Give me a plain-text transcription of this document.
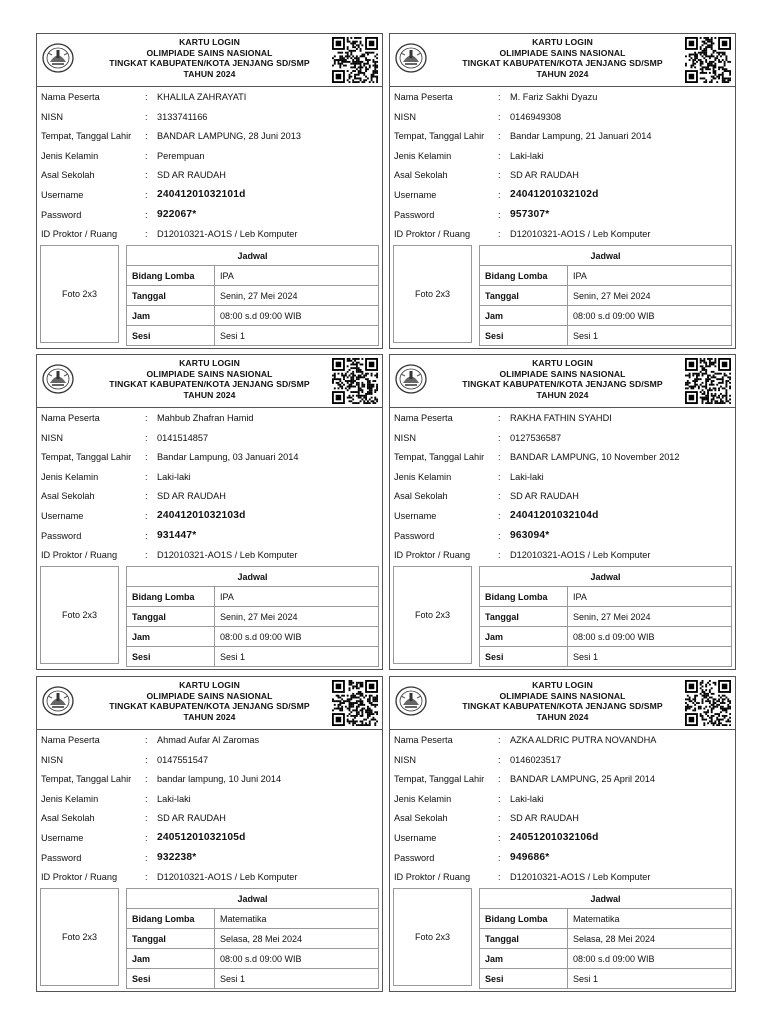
KARTU LOGIN
OLIMPIADE SAINS NASIONAL
TINGKAT KABUPATEN/KOTA JENJANG SD/SMP
TAHUN 2024
Nama Peserta	: KHALILA ZAHRAYATI
NISN	: 3133741166
Tempat, Tanggal Lahir : BANDAR LAMPUNG, 28 Juni 2013
Jenis Kelamin	: Perempuan
Asal Sekolah	: SD AR RAUDAH
Username	: 24041201032101d
Password	: 922067*
ID Proktor / Ruang	: D12010321-AO1S / Leb Komputer
Foto 2x3
Jadwal	
Bidang Lomba	IPA
Tanggal	Senin, 27 Mei 2024
Jam	08:00 s.d 09:00 WIB
Sesi	Sesi 1
KARTU LOGIN
OLIMPIADE SAINS NASIONAL
TINGKAT KABUPATEN/KOTA JENJANG SD/SMP
TAHUN 2024
Nama Peserta	: M. Fariz Sakhi Dyazu
NISN	: 0146949308
Tempat, Tanggal Lahir : Bandar Lampung, 21 Januari 2014
Jenis Kelamin	: Laki-laki
Asal Sekolah	: SD AR RAUDAH
Username	: 24041201032102d
Password	: 957307*
ID Proktor / Ruang	: D12010321-AO1S / Leb Komputer
Foto 2x3
Jadwal	
Bidang Lomba	IPA
Tanggal	Senin, 27 Mei 2024
Jam	08:00 s.d 09:00 WIB
Sesi	Sesi 1
KARTU LOGIN
OLIMPIADE SAINS NASIONAL
TINGKAT KABUPATEN/KOTA JENJANG SD/SMP
TAHUN 2024
Nama Peserta	: Mahbub Zhafran Hamid
NISN	: 0141514857
Tempat, Tanggal Lahir : Bandar Lampung, 03 Januari 2014
Jenis Kelamin	: Laki-laki
Asal Sekolah	: SD AR RAUDAH
Username	: 24041201032103d
Password	: 931447*
ID Proktor / Ruang	: D12010321-AO1S / Leb Komputer
Foto 2x3
Jadwal	
Bidang Lomba	IPA
Tanggal	Senin, 27 Mei 2024
Jam	08:00 s.d 09:00 WIB
Sesi	Sesi 1
KARTU LOGIN
OLIMPIADE SAINS NASIONAL
TINGKAT KABUPATEN/KOTA JENJANG SD/SMP
TAHUN 2024
Nama Peserta	: RAKHA FATHIN SYAHDI
NISN	: 0127536587
Tempat, Tanggal Lahir : BANDAR LAMPUNG, 10 November 2012
Jenis Kelamin	: Laki-laki
Asal Sekolah	: SD AR RAUDAH
Username	: 24041201032104d
Password	: 963094*
ID Proktor / Ruang	: D12010321-AO1S / Leb Komputer
Foto 2x3
Jadwal	
Bidang Lomba	IPA
Tanggal	Senin, 27 Mei 2024
Jam	08:00 s.d 09:00 WIB
Sesi	Sesi 1
KARTU LOGIN
OLIMPIADE SAINS NASIONAL
TINGKAT KABUPATEN/KOTA JENJANG SD/SMP
TAHUN 2024
Nama Peserta	: Ahmad Aufar Al Zaromas
NISN	: 0147551547
Tempat, Tanggal Lahir : bandar lampung, 10 Juni 2014
Jenis Kelamin	: Laki-laki
Asal Sekolah	: SD AR RAUDAH
Username	: 24051201032105d
Password	: 932238*
ID Proktor / Ruang	: D12010321-AO1S / Leb Komputer
Foto 2x3
Jadwal	
Bidang Lomba	Matematika
Tanggal	Selasa, 28 Mei 2024
Jam	08:00 s.d 09:00 WIB
Sesi	Sesi 1
KARTU LOGIN
OLIMPIADE SAINS NASIONAL
TINGKAT KABUPATEN/KOTA JENJANG SD/SMP
TAHUN 2024
Nama Peserta	: AZKA ALDRIC PUTRA NOVANDHA
NISN	: 0146023517
Tempat, Tanggal Lahir : BANDAR LAMPUNG, 25 April 2014
Jenis Kelamin	: Laki-laki
Asal Sekolah	: SD AR RAUDAH
Username	: 24051201032106d
Password	: 949686*
ID Proktor / Ruang	: D12010321-AO1S / Leb Komputer
Foto 2x3
Jadwal	
Bidang Lomba	Matematika
Tanggal	Selasa, 28 Mei 2024
Jam	08:00 s.d 09:00 WIB
Sesi	Sesi 1
